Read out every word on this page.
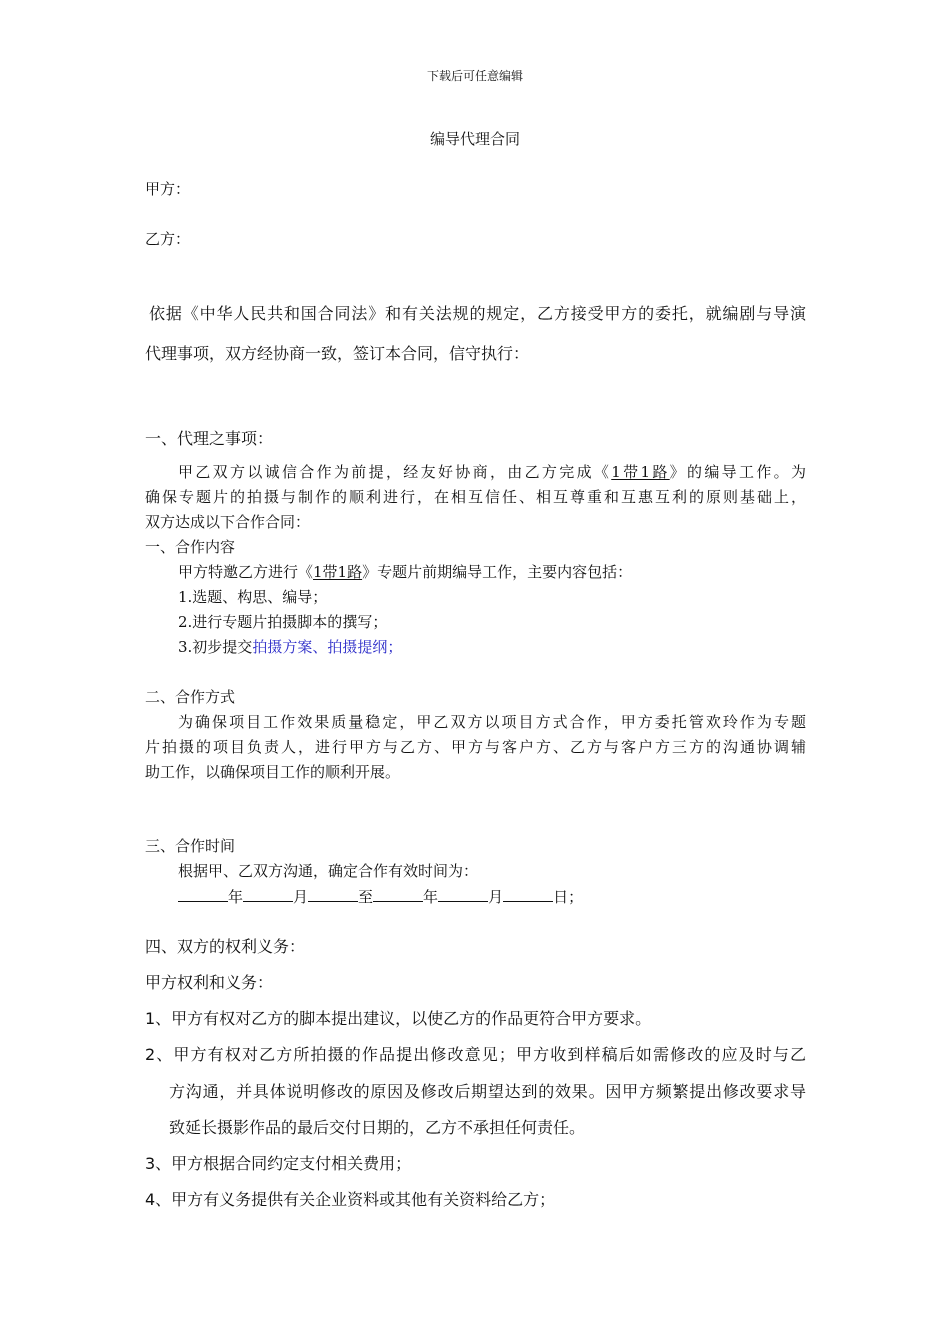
下载后可任意编辑
编导代理合同
甲方：
乙方：
依据《中华人民共和国合同法》和有关法规的规定，乙方接受甲方的委托，就编剧与导演
代理事项，双方经协商一致，签订本合同，信守执行：
一、代理之事项：
甲乙双方以诚信合作为前提，经友好协商，由乙方完成《1带1路》的编导工作。为
确保专题片的拍摄与制作的顺利进行，在相互信任、相互尊重和互惠互利的原则基础上，
双方达成以下合作合同：
一、合作内容
甲方特邀乙方进行《1带1路》专题片前期编导工作，主要内容包括：
1.选题、构思、编导；
2.进行专题片拍摄脚本的撰写；
3.初步提交拍摄方案、拍摄提纲；
二、合作方式
为确保项目工作效果质量稳定，甲乙双方以项目方式合作，甲方委托管欢玲作为专题
片拍摄的项目负责人，进行甲方与乙方、甲方与客户方、乙方与客户方三方的沟通协调辅
助工作，以确保项目工作的顺利开展。
三、合作时间
根据甲、乙双方沟通，确定合作有效时间为：
年	月	至	年	月	日；
四、双方的权利义务：
甲方权利和义务：
1、甲方有权对乙方的脚本提出建议，以使乙方的作品更符合甲方要求。
2、甲方有权对乙方所拍摄的作品提出修改意见；甲方收到样稿后如需修改的应及时与乙
方沟通，并具体说明修改的原因及修改后期望达到的效果。因甲方频繁提出修改要求导
致延长摄影作品的最后交付日期的，乙方不承担任何责任。
3、甲方根据合同约定支付相关费用；
4、甲方有义务提供有关企业资料或其他有关资料给乙方；
